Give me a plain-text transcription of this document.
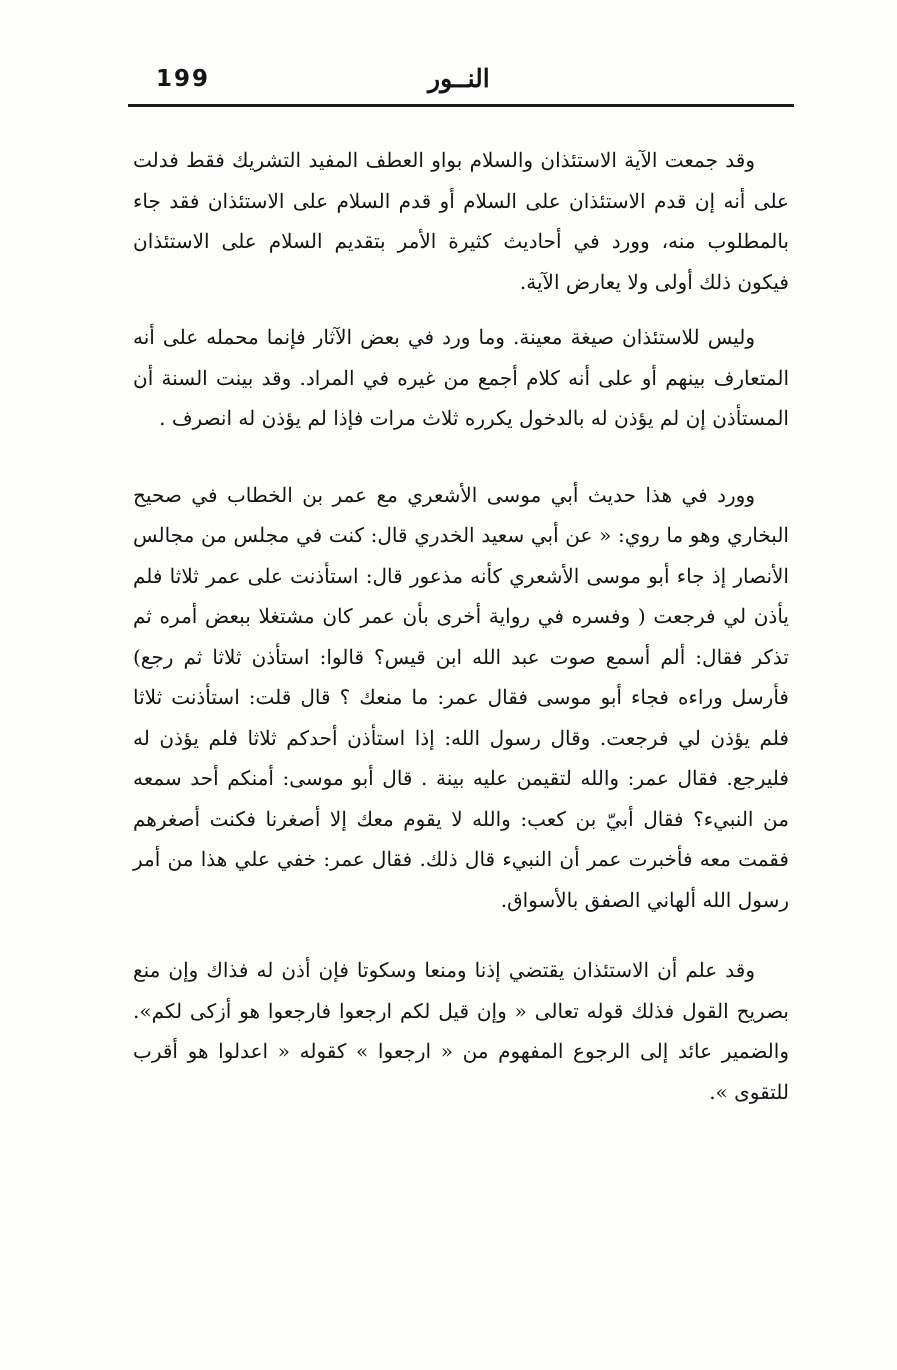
199	النــور

وقد جمعت الآية الاستئذان والسلام بواو العطف المفيد التشريك فقط فدلت على أنه إن قدم الاستئذان على السلام أو قدم السلام على الاستئذان فقد جاء بالمطلوب منه، وورد في أحاديث كثيرة الأمر بتقديم السلام على الاستئذان فيكون ذلك أولى ولا يعارض الآية.

وليس للاستئذان صيغة معينة. وما ورد في بعض الآثار فإنما محمله على أنه المتعارف بينهم أو على أنه كلام أجمع من غيره في المراد. وقد بينت السنة أن المستأذن إن لم يؤذن له بالدخول يكرره ثلاث مرات فإذا لم يؤذن له انصرف .

وورد في هذا حديث أبي موسى الأشعري مع عمر بن الخطاب في صحيح البخاري وهو ما روي: « عن أبي سعيد الخدري قال: كنت في مجلس من مجالس الأنصار إذ جاء أبو موسى الأشعري كأنه مذعور قال: استأذنت على عمر ثلاثا فلم يأذن لي فرجعت ( وفسره في رواية أخرى بأن عمر كان مشتغلا ببعض أمره ثم تذكر فقال: ألم أسمع صوت عبد الله ابن قيس؟ قالوا: استأذن ثلاثا ثم رجع) فأرسل وراءه فجاء أبو موسى فقال عمر: ما منعك ؟ قال قلت: استأذنت ثلاثا فلم يؤذن لي فرجعت. وقال رسول الله: إذا استأذن أحدكم ثلاثا فلم يؤذن له فليرجع. فقال عمر: والله لتقيمن عليه بينة . قال أبو موسى: أمنكم أحد سمعه من النبيء؟ فقال أبيّ بن كعب: والله لا يقوم معك إلا أصغرنا فكنت أصغرهم فقمت معه فأخبرت عمر أن النبيء قال ذلك. فقال عمر: خفي علي هذا من أمر رسول الله ألهاني الصفق بالأسواق.

وقد علم أن الاستئذان يقتضي إذنا ومنعا وسكوتا فإن أذن له فذاك وإن منع بصريح القول فذلك قوله تعالى « وإن قيل لكم ارجعوا فارجعوا هو أزكى لكم». والضمير عائد إلى الرجوع المفهوم من « ارجعوا » كقوله « اعدلوا هو أقرب للتقوى ».
